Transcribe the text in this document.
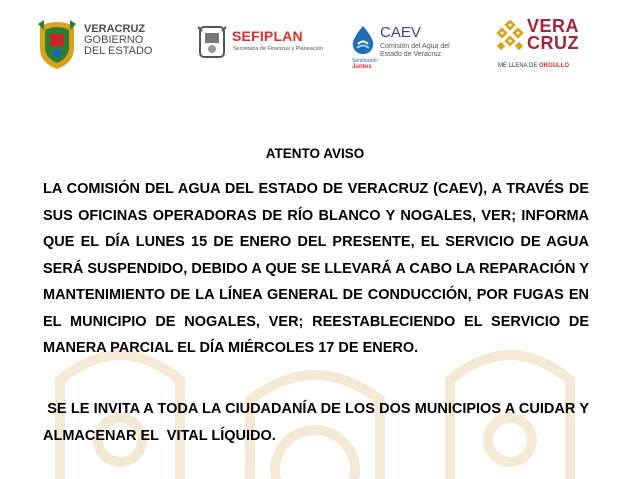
VERACRUZ
GOBIERNO
DEL ESTADO
SEFIPLAN
Secretaría de Finanzas y Planeación
CAEV
Comisión del Agua del Estado de Veracruz
Sembrando
Juntos
VERA
CRUZ
ME LLENA DE ORGULLO
ATENTO AVISO
LA COMISIÓN DEL AGUA DEL ESTADO DE VERACRUZ (CAEV), A TRAVÉS DE SUS OFICINAS OPERADORAS DE RÍO BLANCO Y NOGALES, VER; INFORMA QUE EL DÍA LUNES 15 DE ENERO DEL PRESENTE, EL SERVICIO DE AGUA SERÁ SUSPENDIDO, DEBIDO A QUE SE LLEVARÁ A CABO LA REPARACIÓN Y MANTENIMIENTO DE LA LÍNEA GENERAL DE CONDUCCIÓN, POR FUGAS EN EL MUNICIPIO DE NOGALES, VER; REESTABLECIENDO EL SERVICIO DE MANERA PARCIAL EL DÍA MIÉRCOLES 17 DE ENERO.
SE LE INVITA A TODA LA CIUDADANÍA DE LOS DOS MUNICIPIOS A CUIDAR Y ALMACENAR EL  VITAL LÍQUIDO.
